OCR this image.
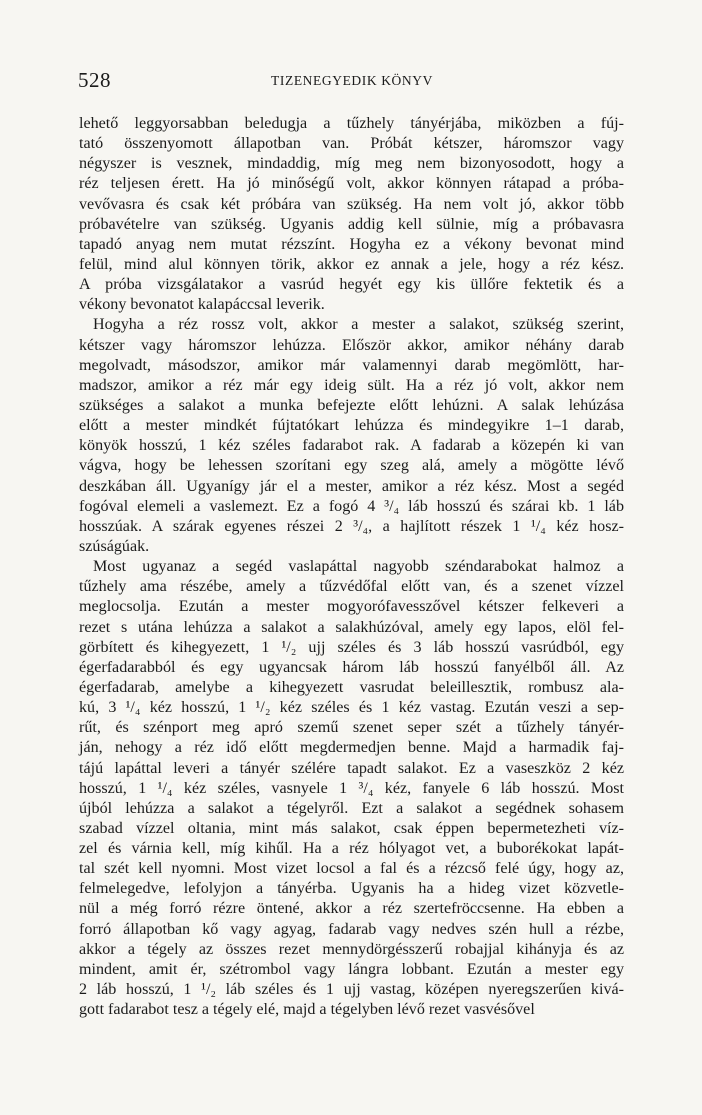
528	TIZENEGYEDIK KÖNYV

lehető leggyorsabban beledugja a tűzhely tányérjába, miközben a fúj-
tató összenyomott állapotban van. Próbát kétszer, háromszor vagy
négyszer is vesznek, mindaddig, míg meg nem bizonyosodott, hogy a
réz teljesen érett. Ha jó minőségű volt, akkor könnyen rátapad a próba-
vevővasra és csak két próbára van szükség. Ha nem volt jó, akkor több
próbavételre van szükség. Ugyanis addig kell sülnie, míg a próbavasra
tapadó anyag nem mutat rézszínt. Hogyha ez a vékony bevonat mind
felül, mind alul könnyen törik, akkor ez annak a jele, hogy a réz kész.
A próba vizsgálatakor a vasrúd hegyét egy kis üllőre fektetik és a
vékony bevonatot kalapáccsal leverik.

Hogyha a réz rossz volt, akkor a mester a salakot, szükség szerint,
kétszer vagy háromszor lehúzza. Először akkor, amikor néhány darab
megolvadt, másodszor, amikor már valamennyi darab megömlött, har-
madszor, amikor a réz már egy ideig sült. Ha a réz jó volt, akkor nem
szükséges a salakot a munka befejezte előtt lehúzni. A salak lehúzása
előtt a mester mindkét fújtatókart lehúzza és mindegyikre 1–1 darab,
könyök hosszú, 1 kéz széles fadarabot rak. A fadarab a közepén ki van
vágva, hogy be lehessen szorítani egy szeg alá, amely a mögötte lévő
deszkában áll. Ugyanígy jár el a mester, amikor a réz kész. Most a segéd
fogóval elemeli a vaslemezt. Ez a fogó 4 ³/₄ láb hosszú és szárai kb. 1 láb
hosszúak. A szárak egyenes részei 2 ³/₄, a hajlított részek 1 ¹/₄ kéz hosz-
szúságúak.

Most ugyanaz a segéd vaslapáttal nagyobb széndarabokat halmoz a
tűzhely ama részébe, amely a tűzvédőfal előtt van, és a szenet vízzel
meglocsolja. Ezután a mester mogyorófavesszővel kétszer felkeveri a
rezet s utána lehúzza a salakot a salakhúzóval, amely egy lapos, elöl fel-
görbített és kihegyezett, 1 ¹/₂ ujj széles és 3 láb hosszú vasrúdból, egy
égerfadarabból és egy ugyancsak három láb hosszú fanyélből áll. Az
égerfadarab, amelybe a kihegyezett vasrudat beleillesztik, rombusz ala-
kú, 3 ¹/₄ kéz hosszú, 1 ¹/₂ kéz széles és 1 kéz vastag. Ezután veszi a sep-
rűt, és szénport meg apró szemű szenet seper szét a tűzhely tányér-
ján, nehogy a réz idő előtt megdermedjen benne. Majd a harmadik faj-
tájú lapáttal leveri a tányér szélére tapadt salakot. Ez a vaseszköz 2 kéz
hosszú, 1 ¹/₄ kéz széles, vasnyele 1 ³/₄ kéz, fanyele 6 láb hosszú. Most
újból lehúzza a salakot a tégelyről. Ezt a salakot a segédnek sohasem
szabad vízzel oltania, mint más salakot, csak éppen bepermetezheti víz-
zel és várnia kell, míg kihűl. Ha a réz hólyagot vet, a buborékokat lapát-
tal szét kell nyomni. Most vizet locsol a fal és a rézcső felé úgy, hogy az,
felmelegedve, lefolyjon a tányérba. Ugyanis ha a hideg vizet közvetle-
nül a még forró rézre öntené, akkor a réz szertefröccsenne. Ha ebben a
forró állapotban kő vagy agyag, fadarab vagy nedves szén hull a rézbe,
akkor a tégely az összes rezet mennydörgésszerű robajjal kihányja és az
mindent, amit ér, szétrombol vagy lángra lobbant. Ezután a mester egy
2 láb hosszú, 1 ¹/₂ láb széles és 1 ujj vastag, középen nyeregszerűen kivá-
gott fadarabot tesz a tégely elé, majd a tégelyben lévő rezet vasvésővel
